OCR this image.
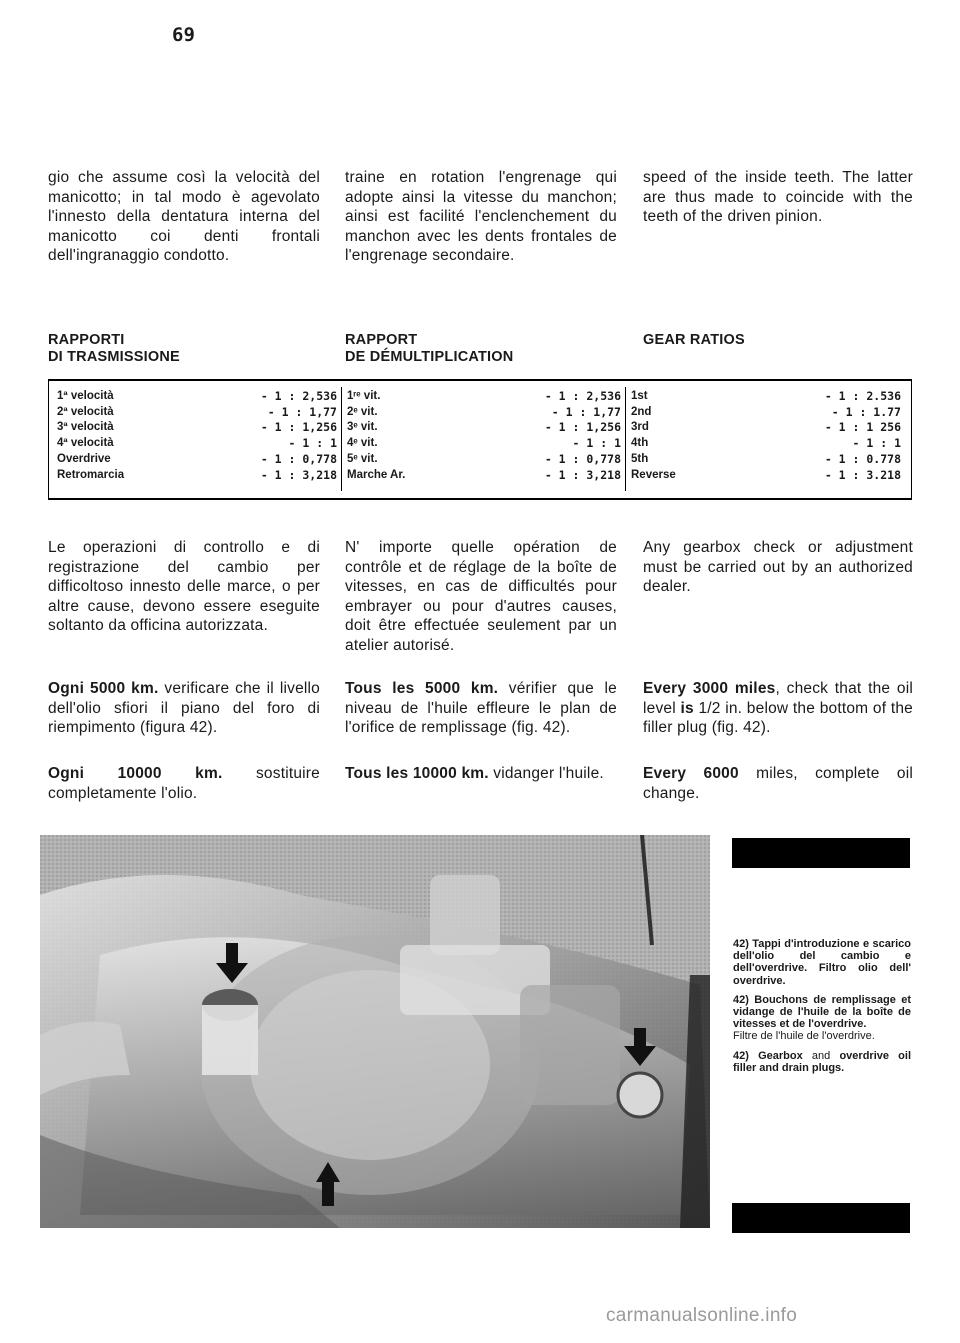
69
gio che assume così la velocità del manicotto; in tal modo è agevolato l'innesto della dentatura interna del manicotto coi denti frontali dell'ingranaggio condotto.
traine en rotation l'engrenage qui adopte ainsi la vitesse du manchon; ainsi est facilité l'enclenchement du manchon avec les dents frontales de l'engrenage secondaire.
speed of the inside teeth. The latter are thus made to coincide with the teeth of the driven pinion.
RAPPORTI
DI TRASMISSIONE
RAPPORT
DE DÉMULTIPLICATION
GEAR RATIOS
1ª velocità	- 1 : 2,536
2ª velocità	- 1 : 1,77
3ª velocità	- 1 : 1,256
4ª velocità	- 1 : 1
Overdrive	- 1 : 0,778
Retromarcia	- 1 : 3,218
1ʳᵉ vit.	- 1 : 2,536
2ᵉ vit.	- 1 : 1,77
3ᵉ vit.	- 1 : 1,256
4ᵉ vit.	- 1 : 1
5ᵉ vit.	- 1 : 0,778
Marche Ar.	- 1 : 3,218
1st	- 1 : 2.536
2nd	- 1 : 1.77
3rd	- 1 : 1 256
4th	- 1 : 1
5th	- 1 : 0.778
Reverse	- 1 : 3.218
Le operazioni di controllo e di registrazione del cambio per difficoltoso innesto delle marce, o per altre cause, devono essere eseguite soltanto da officina autorizzata.
N' importe quelle opération de contrôle et de réglage de la boîte de vitesses, en cas de difficultés pour embrayer ou pour d'autres causes, doit être effectuée seulement par un atelier autorisé.
Any gearbox check or adjustment must be carried out by an authorized dealer.
Ogni 5000 km. verificare che il livello dell'olio sfiori il piano del foro di riempimento (figura 42).
Tous les 5000 km. vérifier que le niveau de l'huile effleure le plan de l'orifice de remplissage (fig. 42).
Every 3000 miles, check that the oil level is 1/2 in. below the bottom of the filler plug (fig. 42).
Ogni 10000 km. sostituire completamente l'olio.
Tous les 10000 km. vidanger l'huile.	Every 6000 miles, complete oil change.

42) Tappi d'introduzione e scarico dell'olio del cambio e dell'overdrive. Filtro olio dell' overdrive.

42) Bouchons de remplissage et vidange de l'huile de la boîte de vitesses et de l'overdrive.
Filtre de l'huile de l'overdrive.

42) Gearbox and overdrive oil filler and drain plugs.

carmanualsonline.info
